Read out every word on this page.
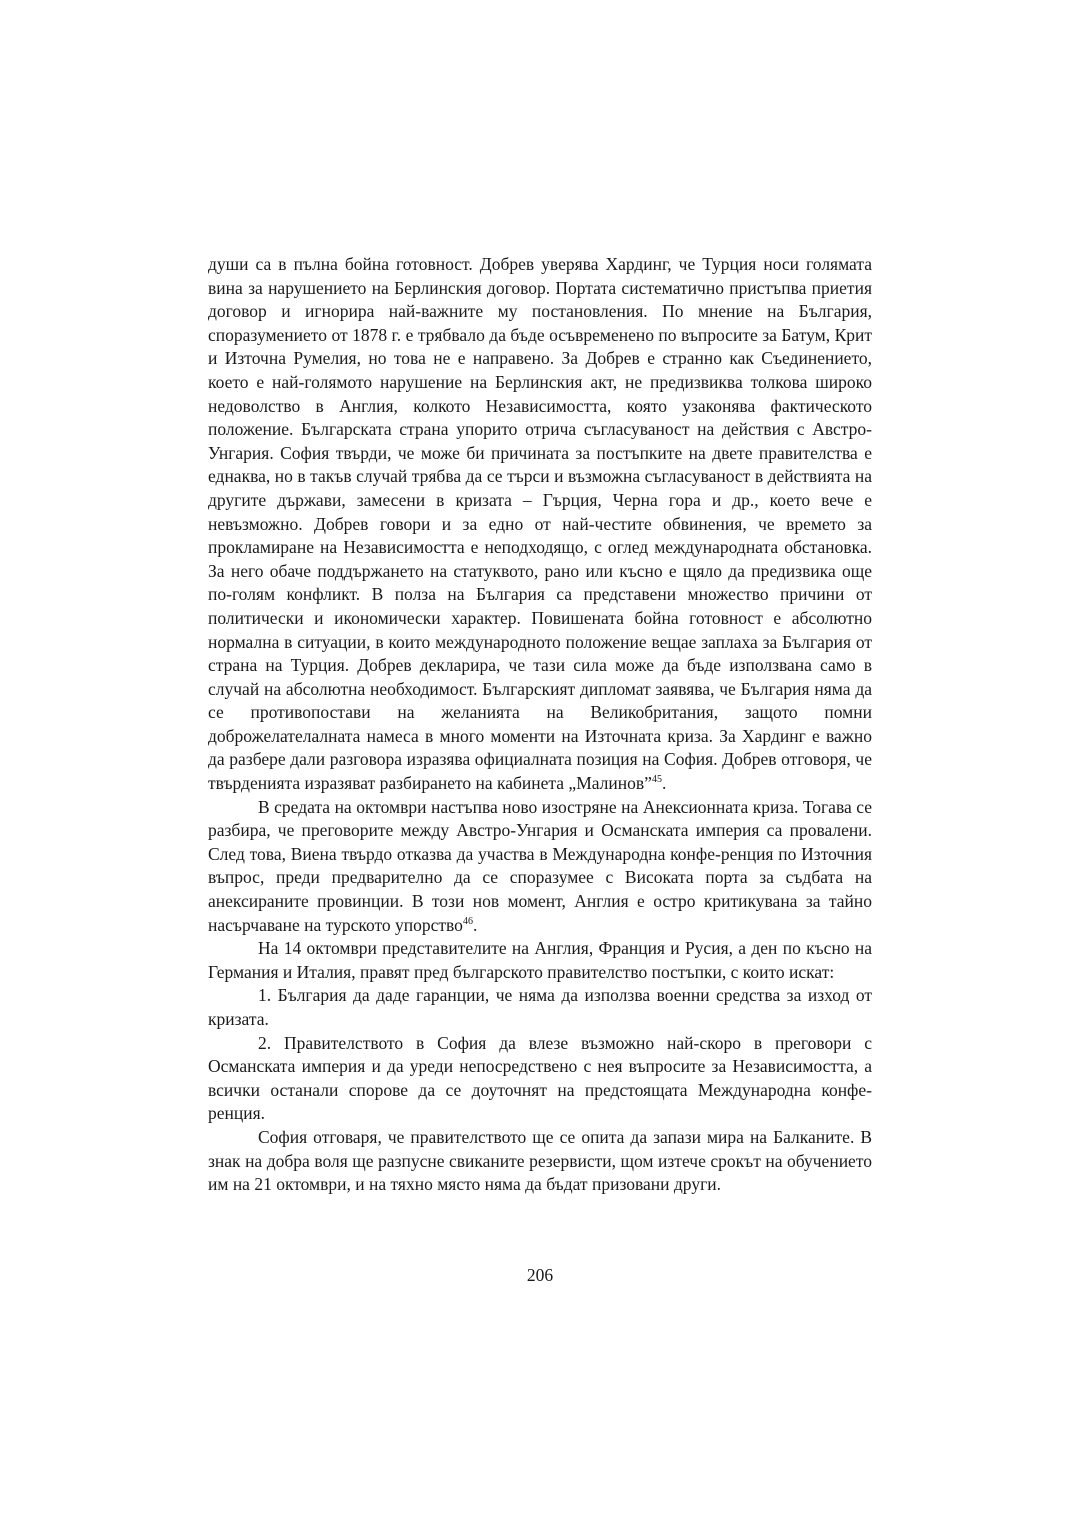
души са в пълна бойна готовност. Добрев уверява Хардинг, че Турция носи голямата вина за нарушението на Берлинския договор. Портата систематично пристъпва приетия договор и игнорира най-важните му постановления. По мнение на България, споразумението от 1878 г. е трябвало да бъде осъвременено по въпросите за Батум, Крит и Източна Румелия, но това не е направено. За Добрев е странно как Съединението, което е най-голямото нарушение на Берлинския акт, не предизвиква толкова широко недоволство в Англия, колкото Независимостта, която узаконява фактическото положение. Българската страна упорито отрича съгласуваност на действия с Австро-Унгария. София твърди, че може би причината за постъпките на двете правителства е еднаква, но в такъв случай трябва да се търси и възможна съгласуваност в действията на другите държави, замесени в кризата – Гърция, Черна гора и др., което вече е невъзможно. Добрев говори и за едно от най-честите обвинения, че времето за прокламиране на Независимостта е неподходящо, с оглед международната обстановка. За него обаче поддържането на статуквото, рано или късно е щяло да предизвика още по-голям конфликт. В полза на България са представени множество причини от политически и икономически характер. Повишената бойна готовност е абсолютно нормална в ситуации, в които международното положение вещае заплаха за България от страна на Турция. Добрев декларира, че тази сила може да бъде използвана само в случай на абсолютна необходимост. Българският дипломат заявява, че България няма да се противопостави на желанията на Великобритания, защото помни доброжелателалната намеса в много моменти на Източната криза. За Хардинг е важно да разбере дали разговора изразява официалната позиция на София. Добрев отговоря, че твърденията изразяват разбирането на кабинета „Малинов”$^{45}$.

В средата на октомври настъпва ново изостряне на Анексионната криза. Тогава се разбира, че преговорите между Австро-Унгария и Османската империя са провалени. След това, Виена твърдо отказва да участва в Международна конфе-ренция по Източния въпрос, преди предварително да се споразумее с Високата порта за съдбата на анексираните провинции. В този нов момент, Англия е остро критикувана за тайно насърчаване на турското упорство$^{46}$.

На 14 октомври представителите на Англия, Франция и Русия, а ден по късно на Германия и Италия, правят пред българското правителство постъпки, с които искат:

1. България да даде гаранции, че няма да използва военни средства за изход от кризата.

2. Правителството в София да влезе възможно най-скоро в преговори с Османската империя и да уреди непосредствено с нея въпросите за Независимостта, а всички останали спорове да се доуточнят на предстоящата Международна конфе-ренция.

София отговаря, че правителството ще се опита да запази мира на Балканите. В знак на добра воля ще разпусне свиканите резервисти, щом изтече срокът на обучението им на 21 октомври, и на тяхно място няма да бъдат призовани други.

206
